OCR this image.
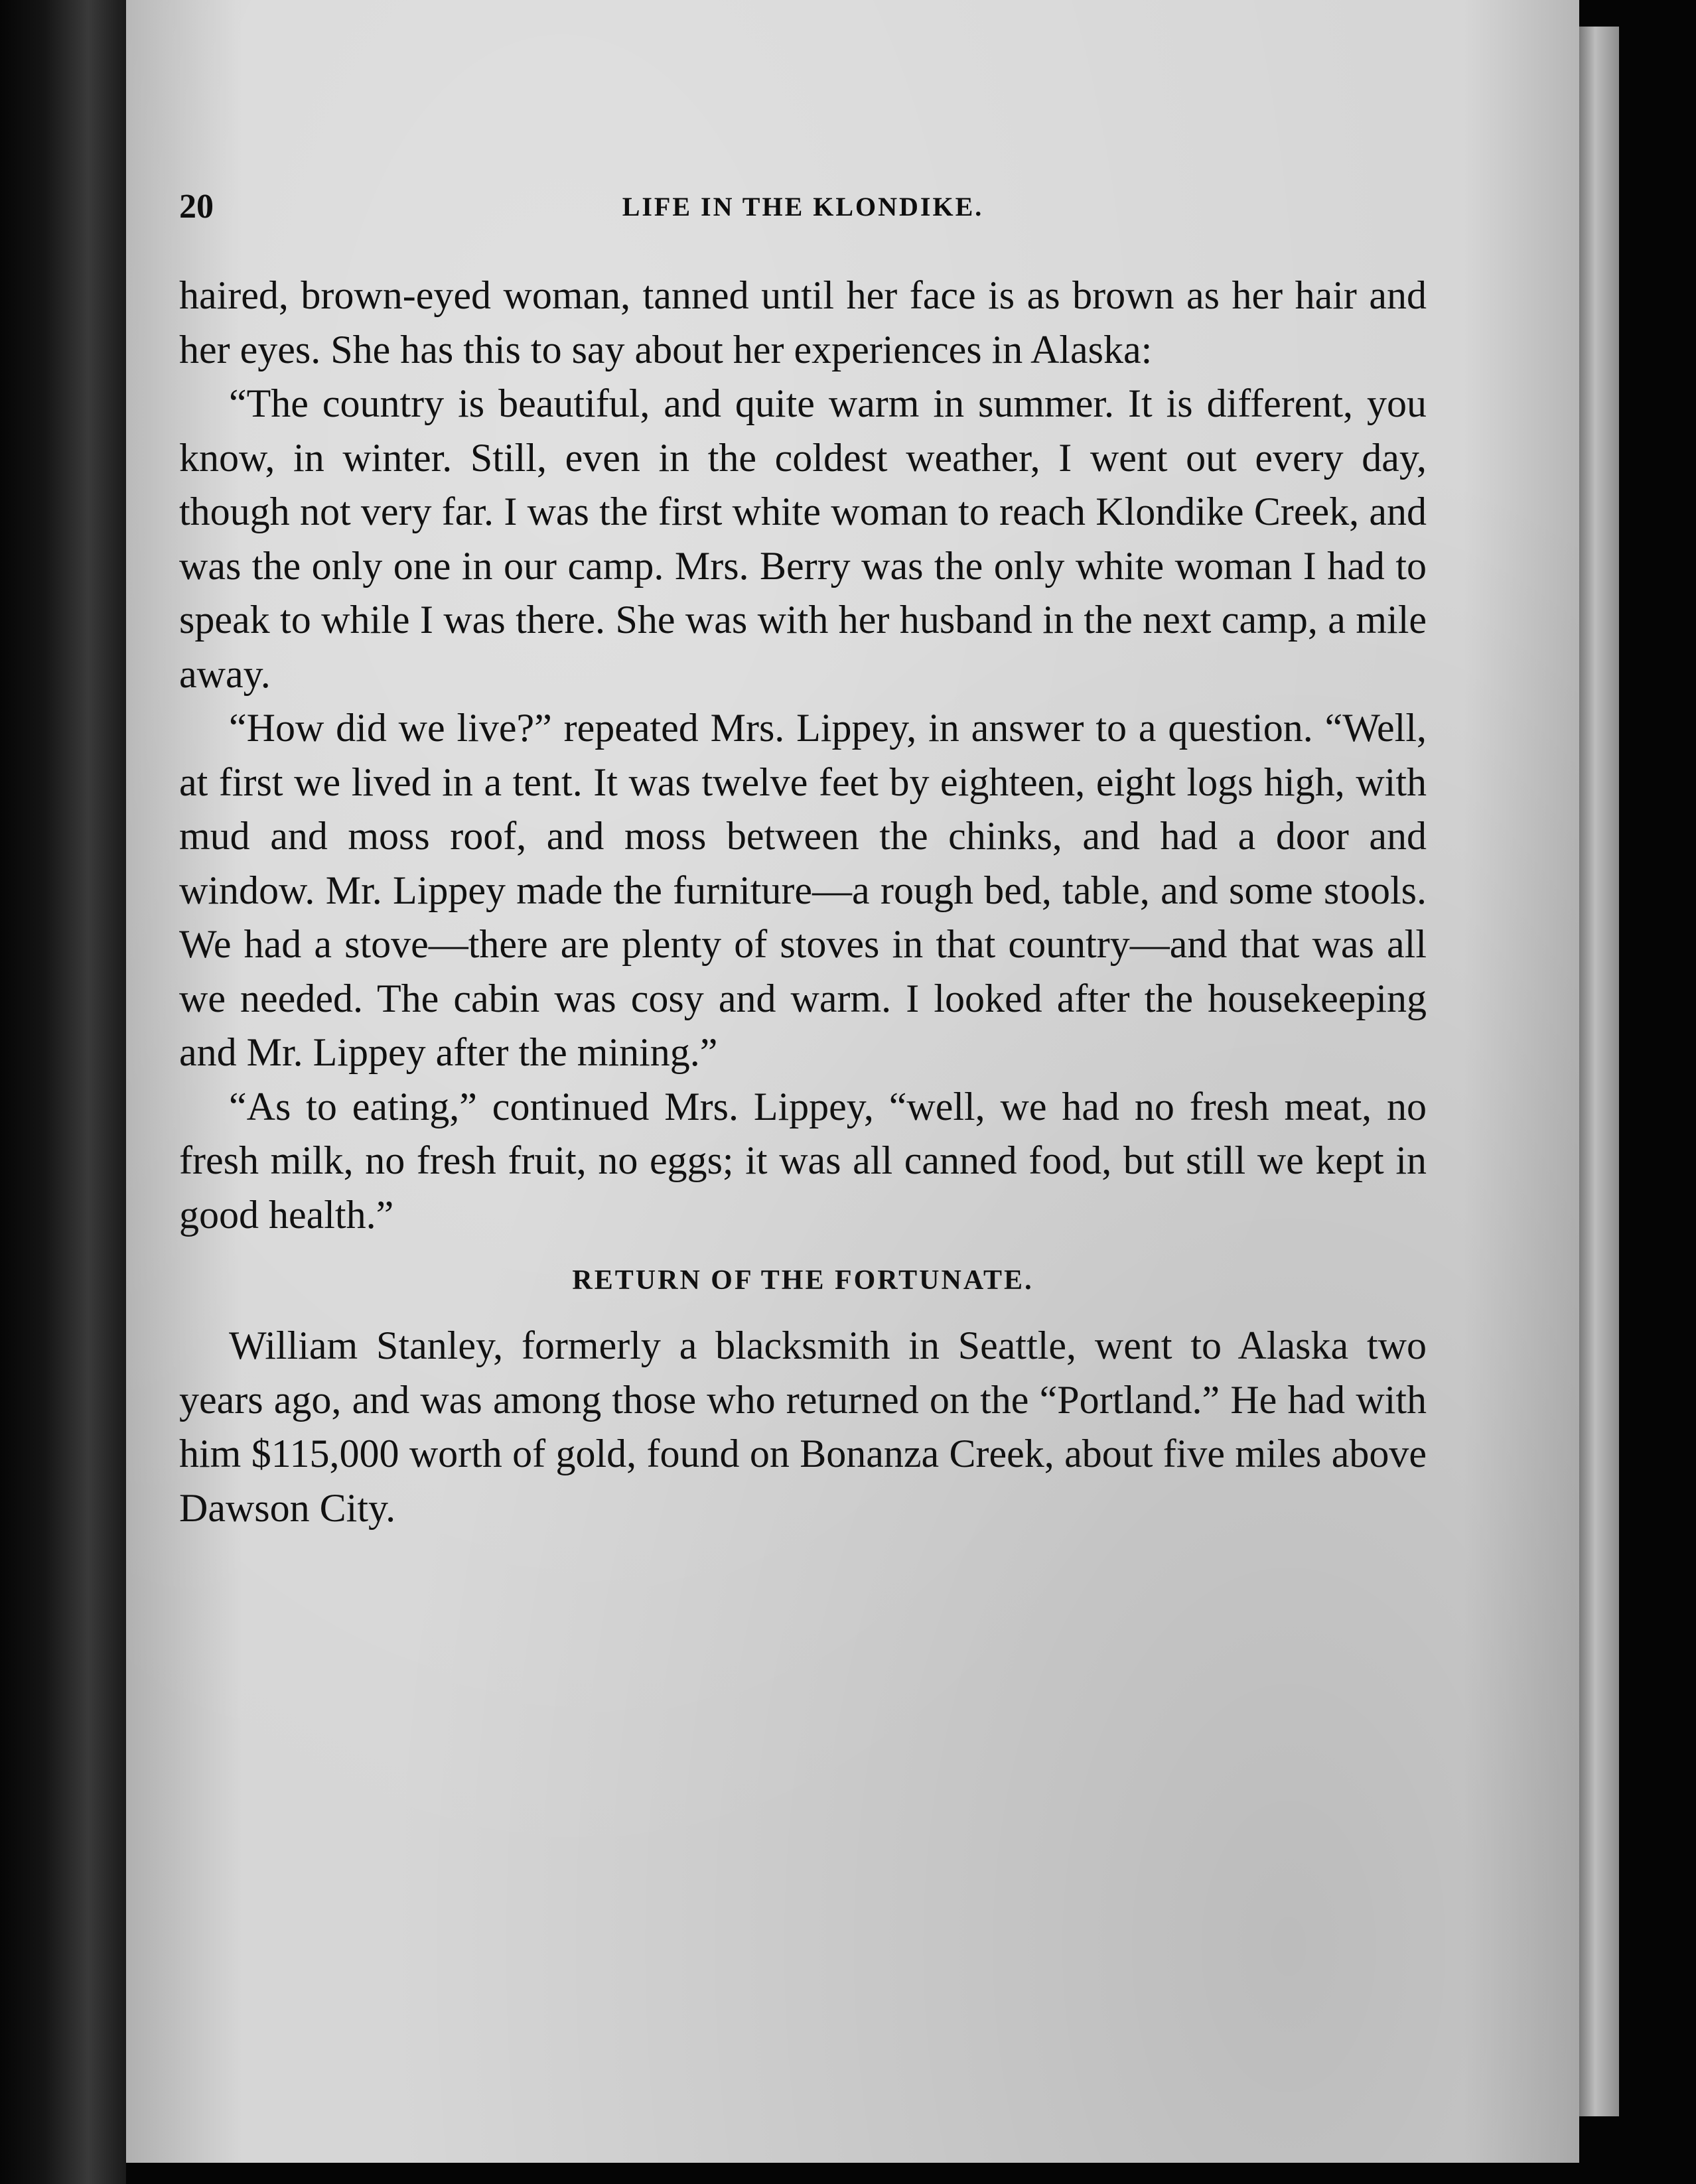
20	LIFE IN THE KLONDIKE.

haired, brown-eyed woman, tanned until her face is as brown as her hair and her eyes. She has this to say about her experiences in Alaska:

“The country is beautiful, and quite warm in summer. It is different, you know, in winter. Still, even in the coldest weather, I went out every day, though not very far. I was the first white woman to reach Klondike Creek, and was the only one in our camp. Mrs. Berry was the only white woman I had to speak to while I was there. She was with her husband in the next camp, a mile away.

“How did we live?” repeated Mrs. Lippey, in answer to a question. “Well, at first we lived in a tent. It was twelve feet by eighteen, eight logs high, with mud and moss roof, and moss between the chinks, and had a door and window. Mr. Lippey made the furniture—a rough bed, table, and some stools. We had a stove—there are plenty of stoves in that country—and that was all we needed. The cabin was cosy and warm. I looked after the housekeeping and Mr. Lippey after the mining.”

“As to eating,” continued Mrs. Lippey, “well, we had no fresh meat, no fresh milk, no fresh fruit, no eggs; it was all canned food, but still we kept in good health.”

RETURN OF THE FORTUNATE.

William Stanley, formerly a blacksmith in Seattle, went to Alaska two years ago, and was among those who returned on the “Portland.” He had with him $115,000 worth of gold, found on Bonanza Creek, about five miles above Dawson City.
